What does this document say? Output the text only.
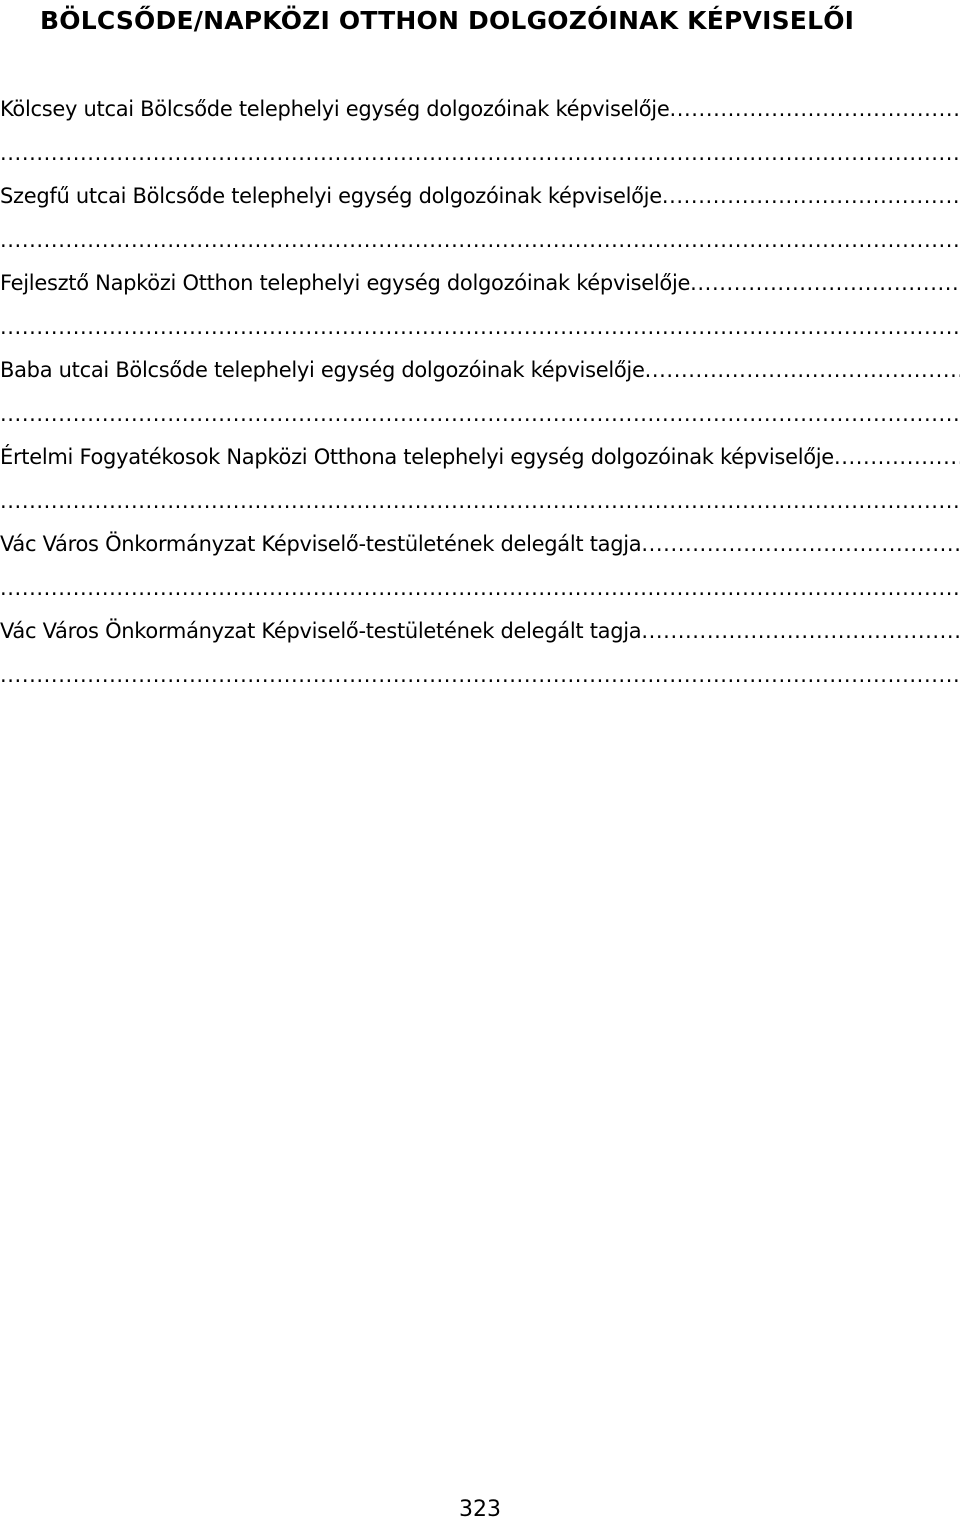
BÖLCSŐDE/NAPKÖZI OTTHON DOLGOZÓINAK KÉPVISELŐI
Kölcsey utcai Bölcsőde telephelyi egység dolgozóinak képviselője
.....
.....
Szegfű utcai Bölcsőde telephelyi egység dolgozóinak képviselője
.....
.....
Fejlesztő Napközi Otthon telephelyi egység dolgozóinak képviselője
.....
.....
Baba utcai Bölcsőde telephelyi egység dolgozóinak képviselője
.....
.....
Értelmi Fogyatékosok Napközi Otthona telephelyi egység dolgozóinak képviselője
.....
.....
Vác Város Önkormányzat Képviselő-testületének delegált tagja
.....
.....
Vác Város Önkormányzat Képviselő-testületének delegált tagja
.....
.....
323
